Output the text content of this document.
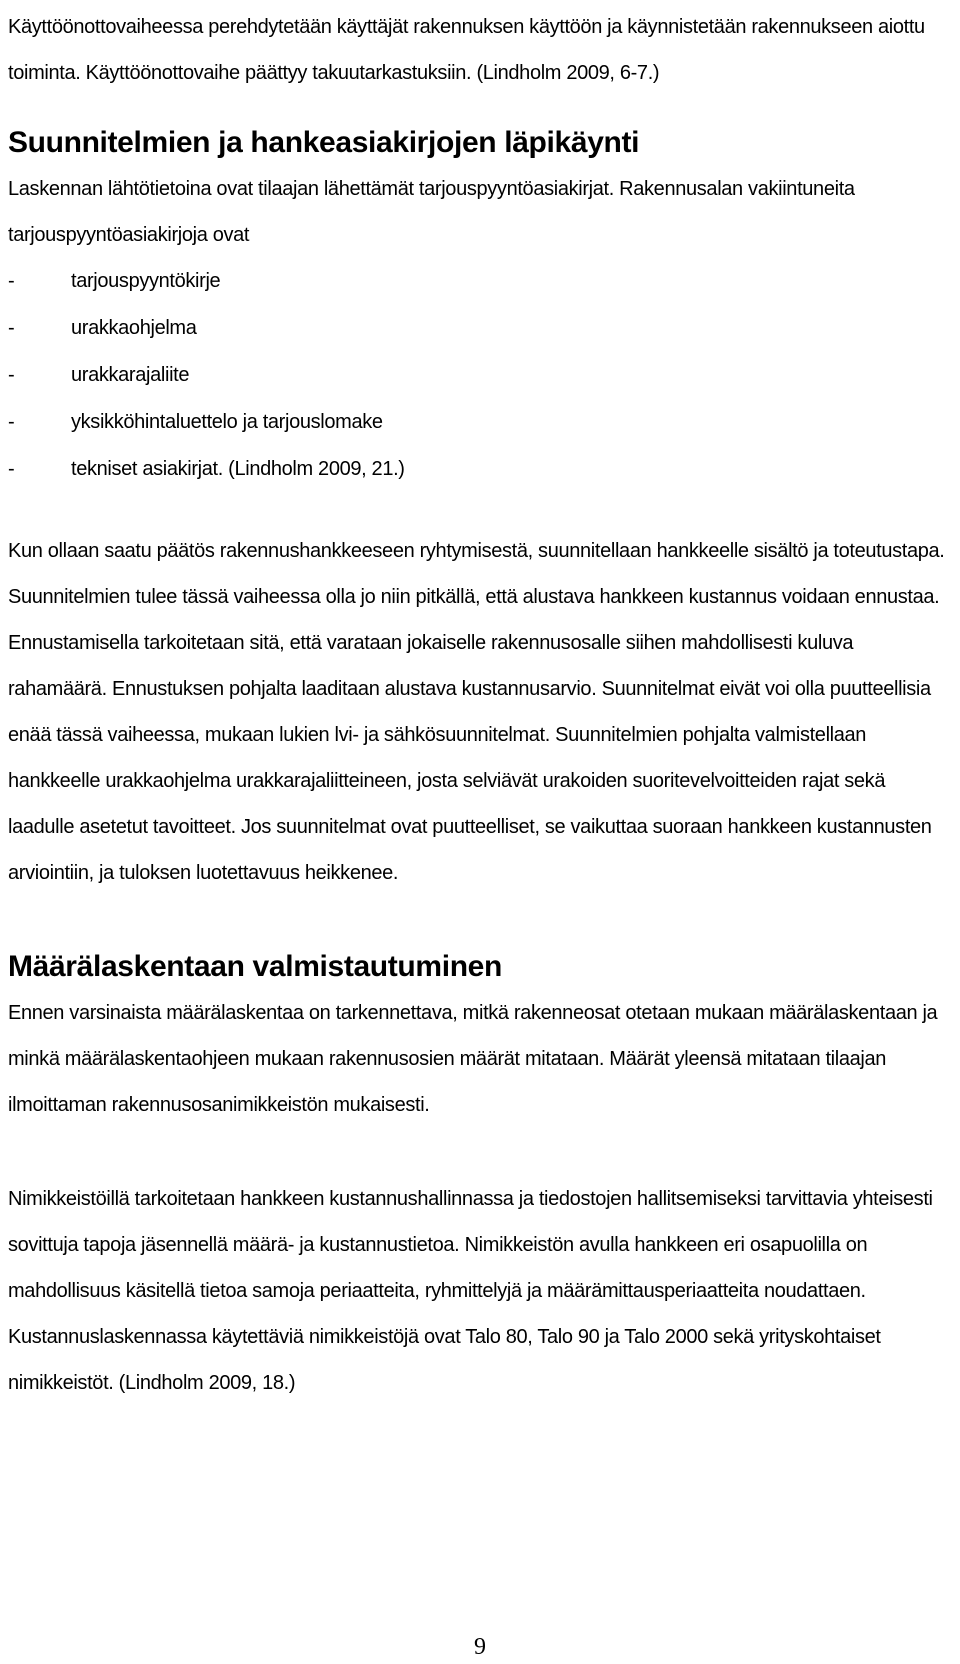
Käyttöönottovaiheessa perehdytetään käyttäjät rakennuksen käyttöön ja käynnistetään rakennukseen aiottu toiminta. Käyttöönottovaihe päättyy takuutarkastuksiin. (Lindholm 2009, 6-7.)

Suunnitelmien ja hankeasiakirjojen läpikäynti

Laskennan lähtötietoina ovat tilaajan lähettämät tarjouspyyntöasiakirjat. Rakennusalan vakiintuneita tarjouspyyntöasiakirjoja ovat

-	tarjouspyyntökirje
-	urakkaohjelma
-	urakkarajaliite
-	yksikköhintaluettelo ja tarjouslomake
-	tekniset asiakirjat. (Lindholm 2009, 21.)

Kun ollaan saatu päätös rakennushankkeeseen ryhtymisestä, suunnitellaan hankkeelle sisältö ja toteutustapa. Suunnitelmien tulee tässä vaiheessa olla jo niin pitkällä, että alustava hankkeen kustannus voidaan ennustaa. Ennustamisella tarkoitetaan sitä, että varataan jokaiselle rakennusosalle siihen mahdollisesti kuluva rahamäärä. Ennustuksen pohjalta laaditaan alustava kustannusarvio. Suunnitelmat eivät voi olla puutteellisia enää tässä vaiheessa, mukaan lukien lvi- ja sähkösuunnitelmat. Suunnitelmien pohjalta valmistellaan hankkeelle urakkaohjelma urakkarajaliitteineen, josta selviävät urakoiden suoritevelvoitteiden rajat sekä laadulle asetetut tavoitteet. Jos suunnitelmat ovat puutteelliset, se vaikuttaa suoraan hankkeen kustannusten arviointiin, ja tuloksen luotettavuus heikkenee.

Määrälaskentaan valmistautuminen

Ennen varsinaista määrälaskentaa on tarkennettava, mitkä rakenneosat otetaan mukaan määrälaskentaan ja minkä määrälaskentaohjeen mukaan rakennusosien määrät mitataan. Määrät yleensä mitataan tilaajan ilmoittaman rakennusosanimikkeistön mukaisesti.

Nimikkeistöillä tarkoitetaan hankkeen kustannushallinnassa ja tiedostojen hallitsemiseksi tarvittavia yhteisesti sovittuja tapoja jäsennellä määrä- ja kustannustietoa. Nimikkeistön avulla hankkeen eri osapuolilla on mahdollisuus käsitellä tietoa samoja periaatteita, ryhmittelyjä ja määrämittausperiaatteita noudattaen. Kustannuslaskennassa käytettäviä nimikkeistöjä ovat Talo 80, Talo 90 ja Talo 2000 sekä yrityskohtaiset nimikkeistöt. (Lindholm 2009, 18.)

9
